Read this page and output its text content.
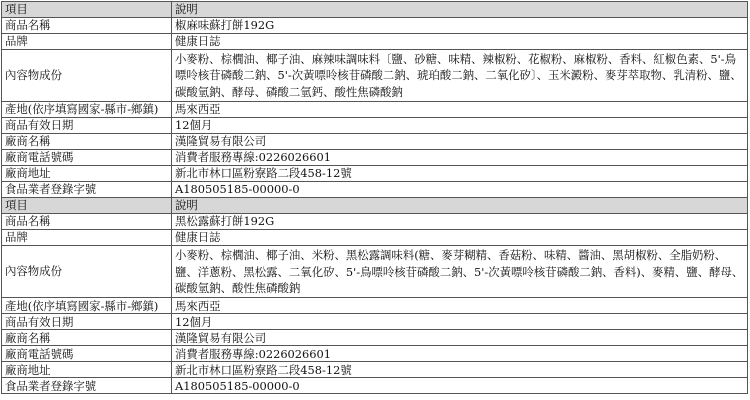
項目	說明
商品名稱	椒麻味蘇打餅192G
品牌	健康日誌
內容物成份	小麥粉、棕櫚油、椰子油、麻辣味調味料〔鹽、砂糖、味精、辣椒粉、花椒粉、麻椒粉、香料、紅椒色素、5'-鳥嘌呤核苷磷酸二鈉、5'-次黃嘌呤核苷磷酸二鈉、琥珀酸二鈉、二氧化矽〕、玉米澱粉、麥芽萃取物、乳清粉、鹽、碳酸氫鈉、酵母、磷酸二氫鈣、酸性焦磷酸鈉
產地(依序填寫國家-縣市-鄉鎮)	馬來西亞
商品有效日期	12個月
廠商名稱	漢隆貿易有限公司
廠商電話號碼	消費者服務專線:0226026601
廠商地址	新北市林口區粉寮路二段458-12號
食品業者登錄字號	A180505185-00000-0
項目	說明
商品名稱	黑松露蘇打餅192G
品牌	健康日誌
內容物成份	小麥粉、棕櫚油、椰子油、米粉、黑松露調味料(糖、麥芽糊精、香菇粉、味精、醬油、黑胡椒粉、全脂奶粉、鹽、洋蔥粉、黑松露、二氧化矽、5'-鳥嘌呤核苷磷酸二鈉、5'-次黃嘌呤核苷磷酸二鈉、香料)、麥精、鹽、酵母、碳酸氫鈉、酸性焦磷酸鈉
產地(依序填寫國家-縣市-鄉鎮)	馬來西亞
商品有效日期	12個月
廠商名稱	漢隆貿易有限公司
廠商電話號碼	消費者服務專線:0226026601
廠商地址	新北市林口區粉寮路二段458-12號
食品業者登錄字號	A180505185-00000-0
